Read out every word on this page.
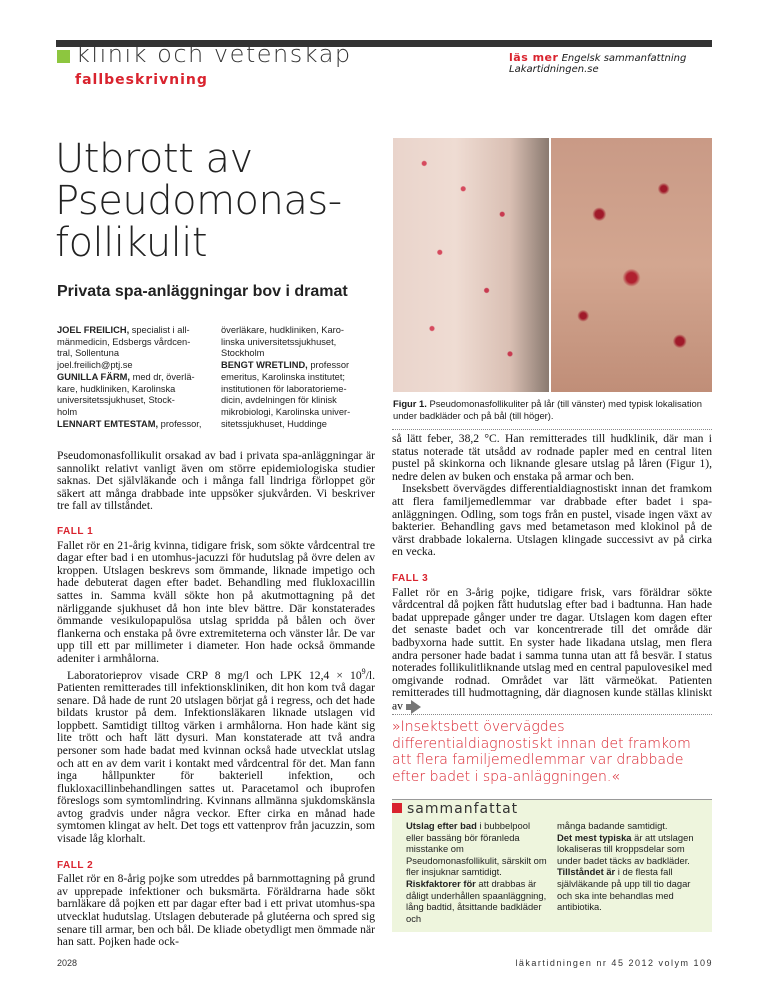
klinik och vetenskap
fallbeskrivning
läs mer Engelsk sammanfattning
Lakartidningen.se
Utbrott av
Pseudomonas-
follikulit
Privata spa-anläggningar bov i dramat
JOEL FREILICH, specialist i all-
mänmedicin, Edsbergs vårdcen-
tral, Sollentuna
joel.freilich@ptj.se
GUNILLA FÄRM, med dr, överlä-
kare, hudkliniken, Karolinska
universitetssjukhuset, Stock-
holm
LENNART EMTESTAM, professor,
överläkare, hudkliniken, Karo-
linska universitetssjukhuset,
Stockholm
BENGT WRETLIND, professor
emeritus, Karolinska institutet;
institutionen för laboratorieme-
dicin, avdelningen för klinisk
mikrobiologi, Karolinska univer-
sitetssjukhuset, Huddinge
Figur 1. Pseudomonasfollikuliter på lår (till vänster) med typisk lokalisation under badkläder och på bål (till höger).

Pseudomonasfollikulit orsakad av bad i privata spa-anläggningar är sannolikt relativt vanligt även om större epidemiologiska studier saknas. Det självläkande och i många fall lindriga förloppet gör säkert att många drabbade inte uppsöker sjukvården. Vi beskriver tre fall av tillståndet.

FALL 1

Fallet rör en 21-årig kvinna, tidigare frisk, som sökte vårdcentral tre dagar efter bad i en utomhus-jacuzzi för hudutslag på övre delen av kroppen. Utslagen beskrevs som ömmande, liknade impetigo och hade debuterat dagen efter badet. Behandling med flukloxacillin sattes in. Samma kväll sökte hon på akutmottagning på det närliggande sjukhuset då hon inte blev bättre. Där konstaterades ömmande vesikulopapulösa utslag spridda på bålen och över flankerna och enstaka på övre extremiteterna och vänster lår. De var upp till ett par millimeter i diameter. Hon hade också ömmande adeniter i armhålorna.

Laboratorieprov visade CRP 8 mg/l och LPK $12,4 \times 10^9/l$. Patienten remitterades till infektionskliniken, dit hon kom två dagar senare. Då hade de runt 20 utslagen börjat gå i regress, och det hade bildats krustor på dem. Infektionsläkaren liknade utslagen vid loppbett. Samtidigt tilltog värken i armhålorna. Hon hade känt sig lite trött och haft lätt dysuri. Man konstaterade att två andra personer som hade badat med kvinnan också hade utvecklat utslag och att en av dem varit i kontakt med vårdcentral för det. Man fann inga hållpunkter för bakteriell infektion, och flukloxacillinbehandlingen sattes ut. Paracetamol och ibuprofen föreslogs som symtomlindring. Kvinnans allmänna sjukdomskänsla avtog gradvis under några veckor. Efter cirka en månad hade symtomen klingat av helt. Det togs ett vattenprov från jacuzzin, som visade låg klorhalt.

FALL 2

Fallet rör en 8-årig pojke som utreddes på barnmottagning på grund av upprepade infektioner och buksmärta. Föräldrarna hade sökt barnläkare då pojken ett par dagar efter bad i ett privat utomhus-spa utvecklat hudutslag. Utslagen debuterade på glutéerna och spred sig senare till armar, ben och bål. De kliade obetydligt men ömmade när han satt. Pojken hade ock-

så lätt feber, 38,2 °C. Han remitterades till hudklinik, där man i status noterade tät utsådd av rodnade papler med en central liten pustel på skinkorna och liknande glesare utslag på låren (Figur 1), nedre delen av buken och enstaka på armar och ben.

Inseksbett övervägdes differentialdiagnostiskt innan det framkom att flera familjemedlemmar var drabbade efter badet i spa-anläggningen. Odling, som togs från en pustel, visade ingen växt av bakterier. Behandling gavs med betametason med klokinol på de värst drabbade lokalerna. Utslagen klingade successivt av på cirka en vecka.

FALL 3

Fallet rör en 3-årig pojke, tidigare frisk, vars föräldrar sökte vårdcentral då pojken fått hudutslag efter bad i badtunna. Han hade badat upprepade gånger under tre dagar. Utslagen kom dagen efter det senaste badet och var koncentrerade till det område där badbyxorna hade suttit. En syster hade likadana utslag, men flera andra personer hade badat i samma tunna utan att få besvär. I status noterades follikulitliknande utslag med en central papulovesikel med omgivande rodnad. Området var lätt värmeökat. Patienten remitterades till hudmottagning, där diagnosen kunde ställas kliniskt av

»Insektsbett övervägdes differentialdiagnostiskt innan det framkom att flera familjemedlemmar var drabbade efter badet i spa-anläggningen.«
sammanfattat
Utslag efter bad i bubbelpool eller bassäng bör föranleda misstanke om Pseudomonasfollikulit, särskilt om fler insjuknar samtidigt.
Riskfaktorer för att drabbas är dåligt underhållen spaanläggning, lång badtid, åtsittande badkläder och
många badande samtidigt.
Det mest typiska är att utslagen lokaliseras till kroppsdelar som under badet täcks av badkläder.
Tillståndet är i de flesta fall självläkande på upp till tio dagar och ska inte behandlas med antibiotika.
2028	läkartidningen nr 45 2012 volym 109
